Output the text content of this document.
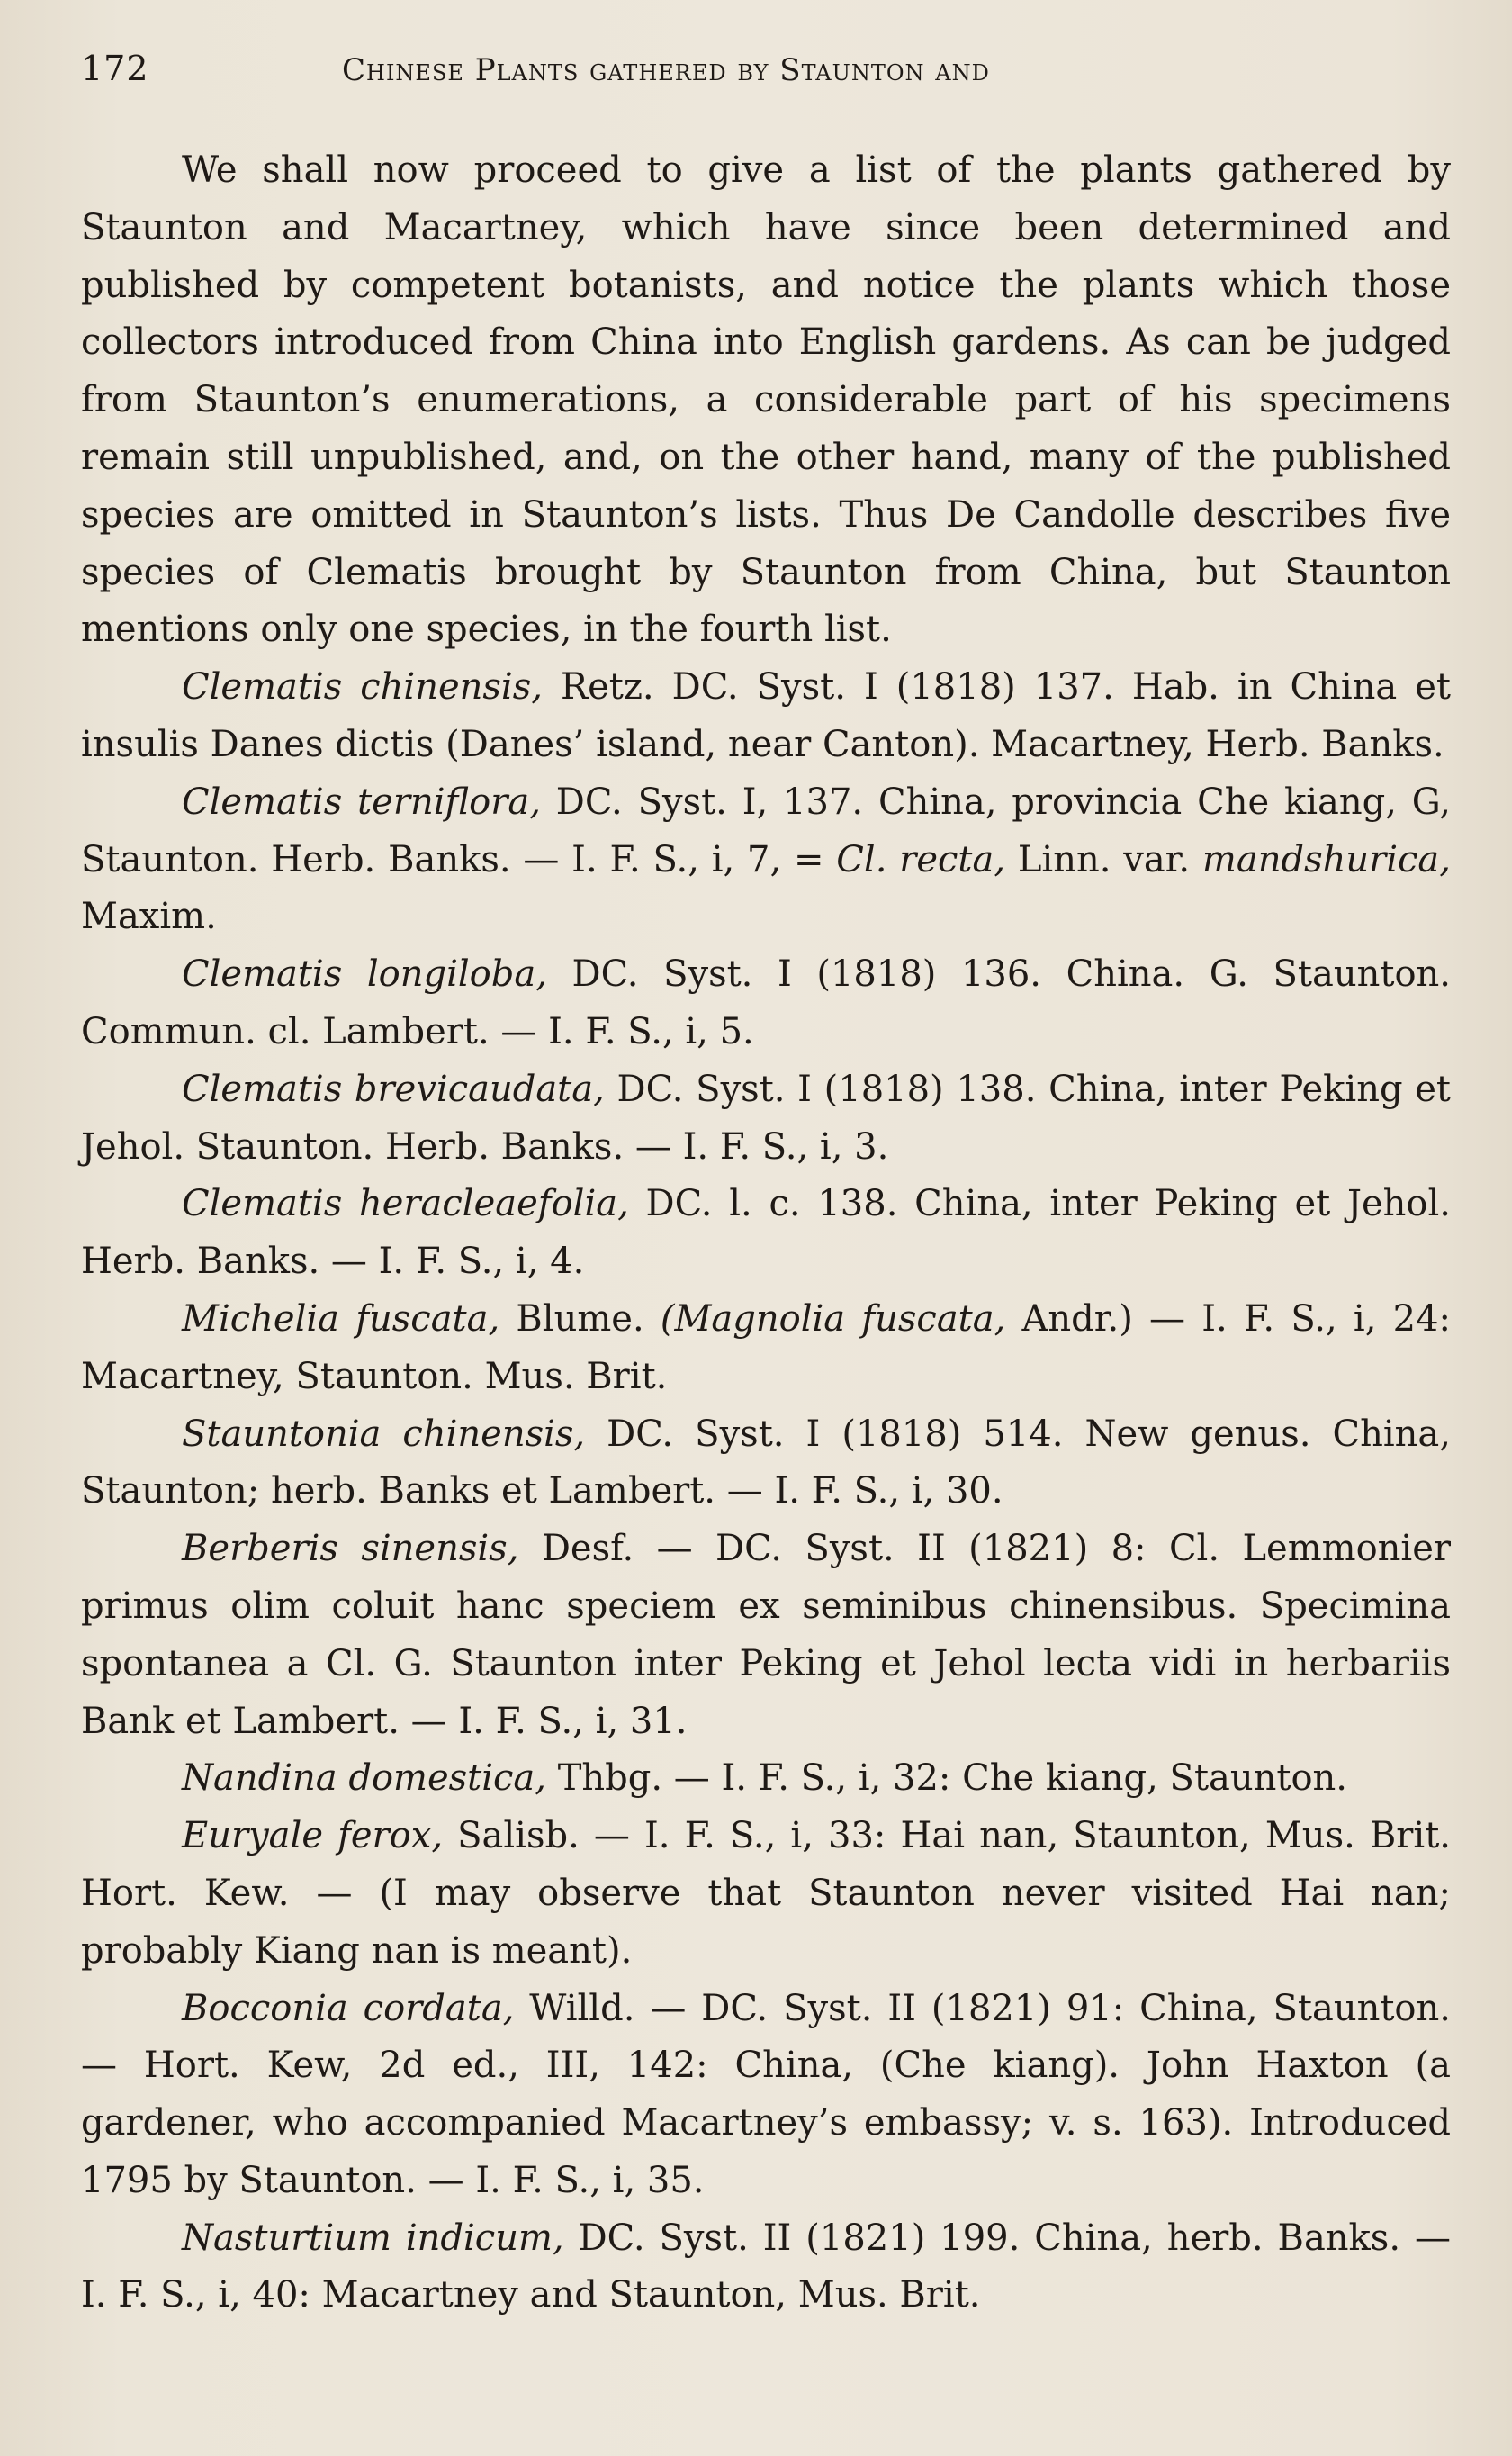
172	Chinese Plants gathered by Staunton and

We shall now proceed to give a list of the plants gathered by Staunton and Macartney, which have since been determined and published by competent botanists, and notice the plants which those collectors introduced from China into English gardens. As can be judged from Staunton’s enumerations, a considerable part of his specimens remain still unpublished, and, on the other hand, many of the published species are omitted in Staunton’s lists. Thus De Candolle describes five species of Clematis brought by Staunton from China, but Staunton mentions only one species, in the fourth list.

Clematis chinensis, Retz. DC. Syst. I (1818) 137. Hab. in China et insulis Danes dictis (Danes’ island, near Canton). Macartney, Herb. Banks.

Clematis terniflora, DC. Syst. I, 137. China, provincia Che kiang, G, Staunton. Herb. Banks. — I. F. S., i, 7, = Cl. recta, Linn. var. mandshurica, Maxim.

Clematis longiloba, DC. Syst. I (1818) 136. China. G. Staunton. Commun. cl. Lambert. — I. F. S., i, 5.

Clematis brevicaudata, DC. Syst. I (1818) 138. China, inter Peking et Jehol. Staunton. Herb. Banks. — I. F. S., i, 3.

Clematis heracleaefolia, DC. l. c. 138. China, inter Peking et Jehol. Herb. Banks. — I. F. S., i, 4.

Michelia fuscata, Blume. (Magnolia fuscata, Andr.) — I. F. S., i, 24: Macartney, Staunton. Mus. Brit.

Stauntonia chinensis, DC. Syst. I (1818) 514. New genus. China, Staunton; herb. Banks et Lambert. — I. F. S., i, 30.

Berberis sinensis, Desf. — DC. Syst. II (1821) 8: Cl. Lemmonier primus olim coluit hanc speciem ex seminibus chinensibus. Specimina spontanea a Cl. G. Staunton inter Peking et Jehol lecta vidi in herbariis Bank et Lambert. — I. F. S., i, 31.

Nandina domestica, Thbg. — I. F. S., i, 32: Che kiang, Staunton.

Euryale ferox, Salisb. — I. F. S., i, 33: Hai nan, Staunton, Mus. Brit. Hort. Kew. — (I may observe that Staunton never visited Hai nan; probably Kiang nan is meant).

Bocconia cordata, Willd. — DC. Syst. II (1821) 91: China, Staunton. — Hort. Kew, 2d ed., III, 142: China, (Che kiang). John Haxton (a gardener, who accompanied Macartney’s embassy; v. s. 163). Introduced 1795 by Staunton. — I. F. S., i, 35.

Nasturtium indicum, DC. Syst. II (1821) 199. China, herb. Banks. — I. F. S., i, 40: Macartney and Staunton, Mus. Brit.
